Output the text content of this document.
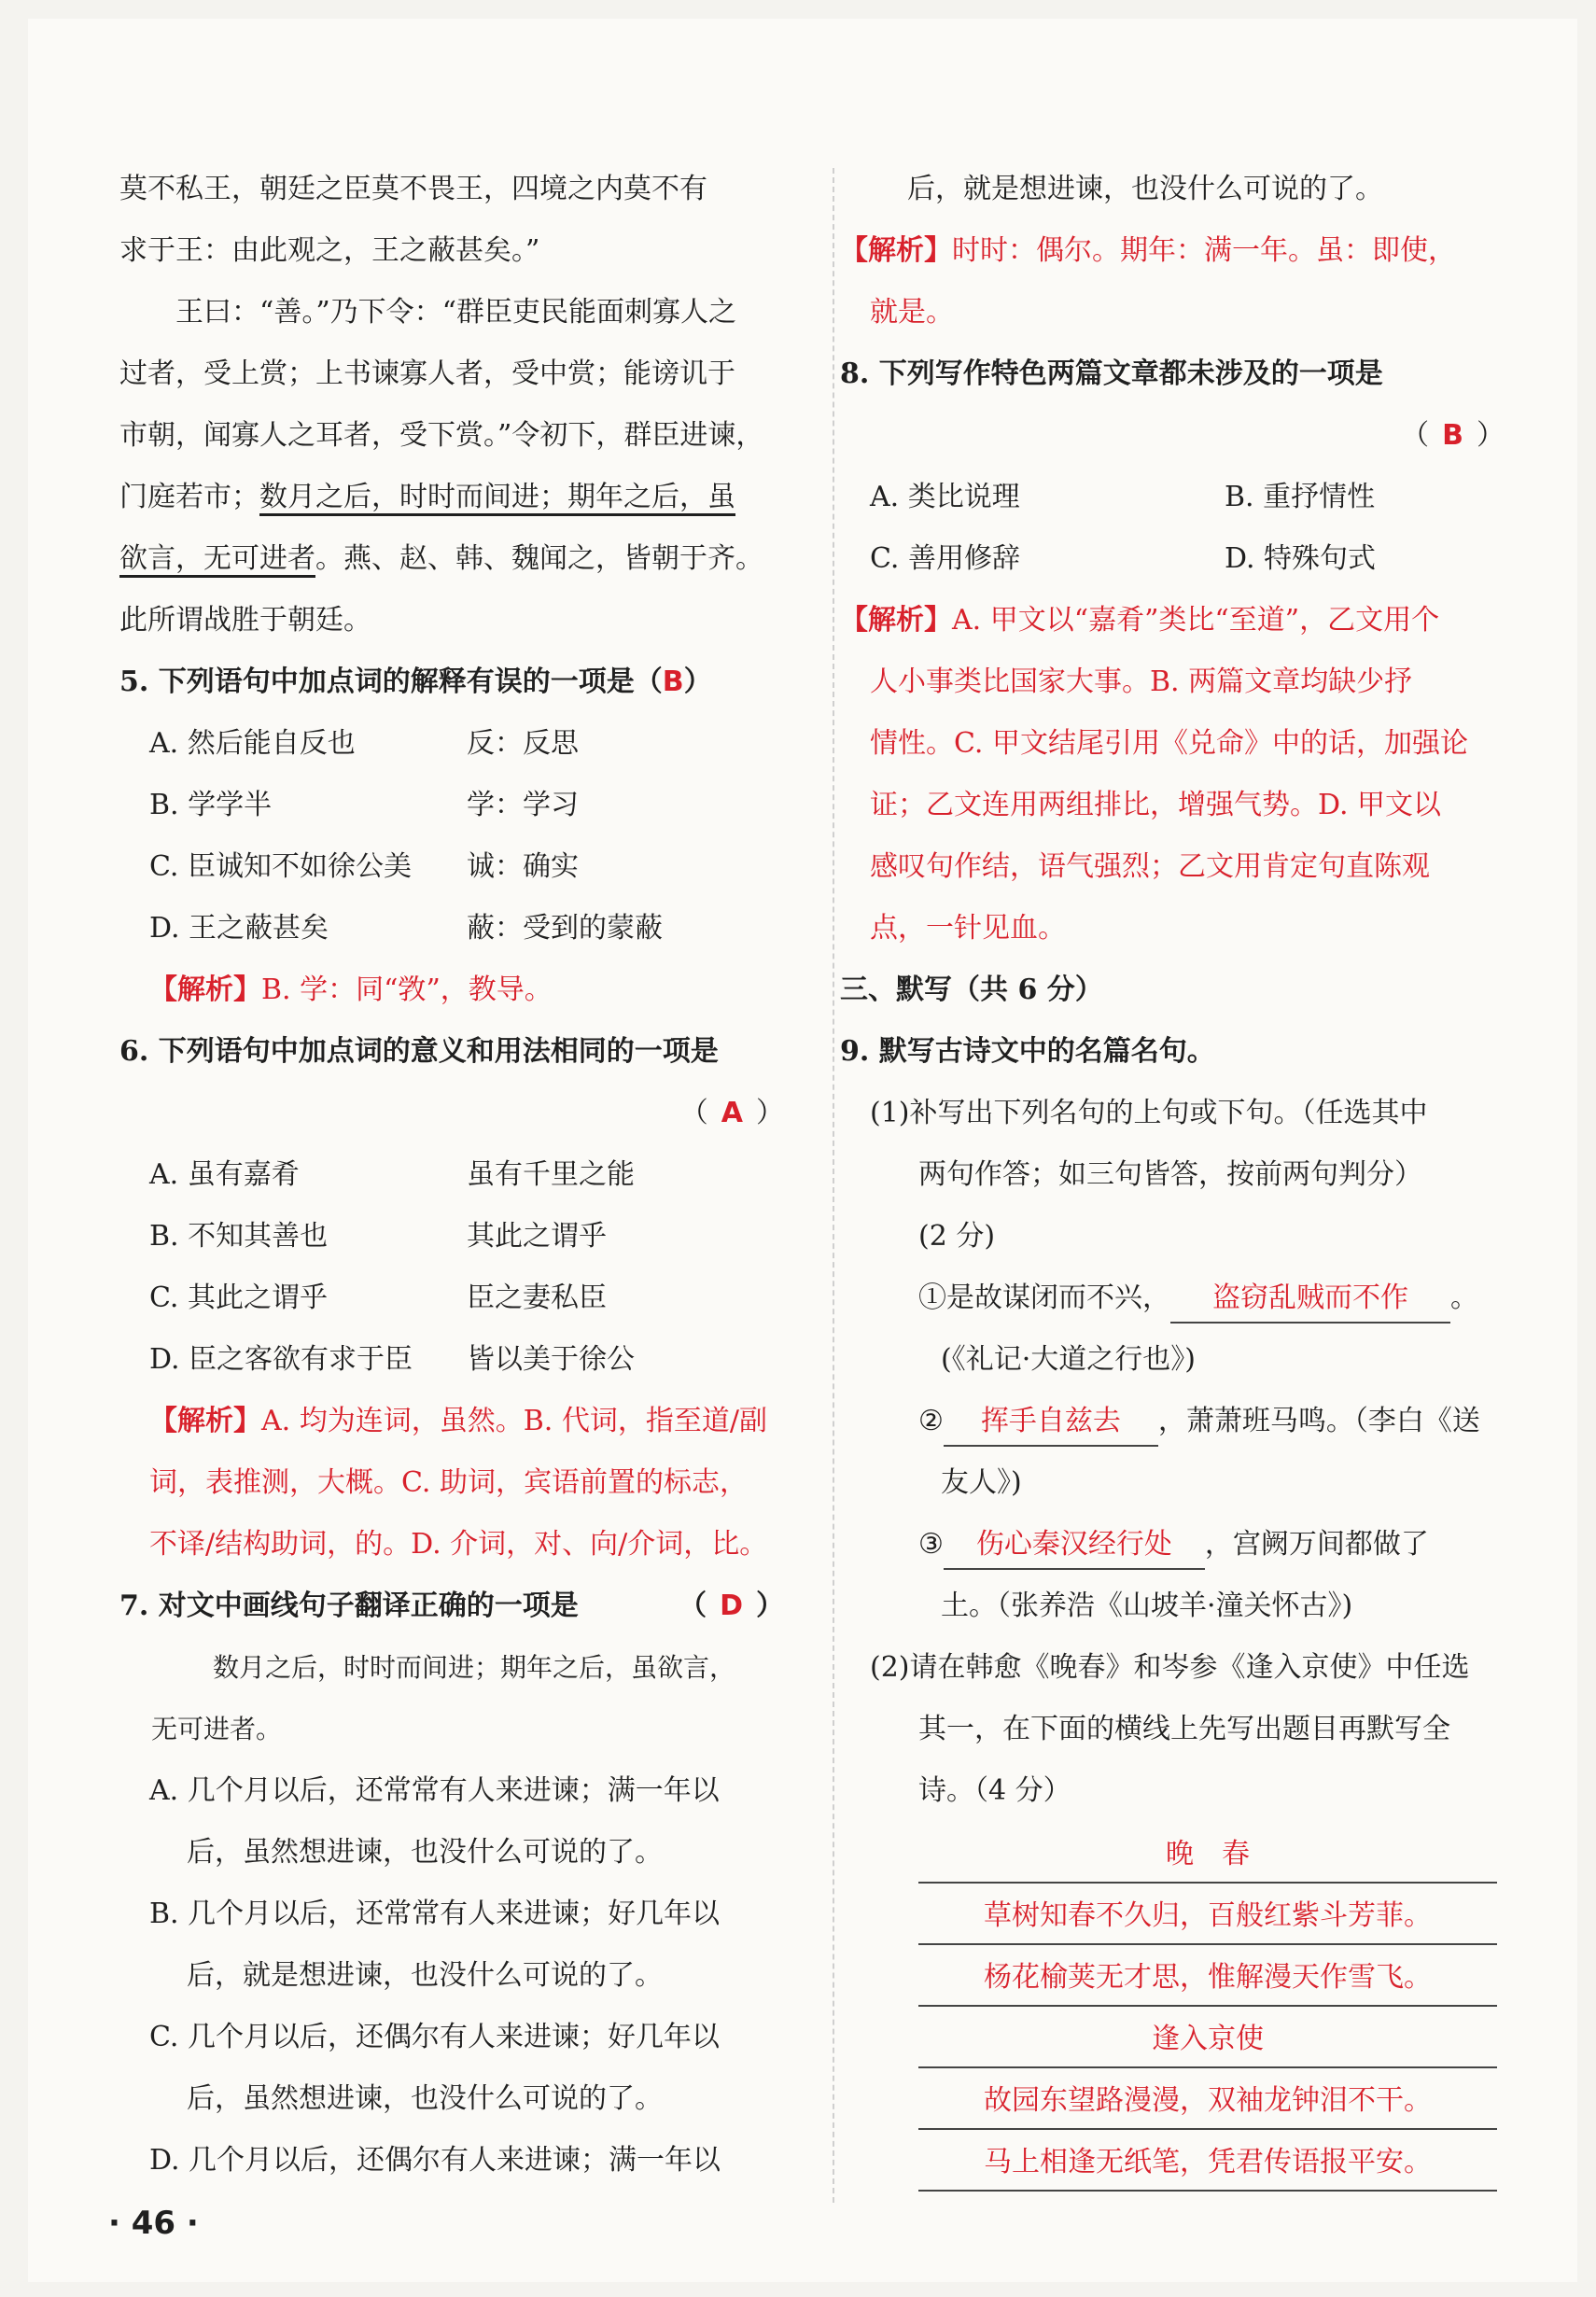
莫不私王，朝廷之臣莫不畏王，四境之内莫不有
求于王：由此观之，王之蔽甚矣。”
王曰：“善。”乃下令：“群臣吏民能面刺寡人之
过者，受上赏；上书谏寡人者，受中赏；能谤讥于
市朝，闻寡人之耳者，受下赏。”令初下，群臣进谏，
门庭若市；数月之后，时时而间进；期年之后，虽
欲言，无可进者。燕、赵、韩、魏闻之，皆朝于齐。
此所谓战胜于朝廷。
5. 下列语句中加点词的解释有误的一项是（B）
A. 然后能自反也	反：反思
B. 学学半	学：学习
C. 臣诚知不如徐公美	诚：确实
D. 王之蔽甚矣	蔽：受到的蒙蔽
【解析】B. 学：同“敩”，教导。
6. 下列语句中加点词的意义和用法相同的一项是
（ A ）
A. 虽有嘉肴	虽有千里之能
B. 不知其善也	其此之谓乎
C. 其此之谓乎	臣之妻私臣
D. 臣之客欲有求于臣	皆以美于徐公
【解析】A. 均为连词，虽然。B. 代词，指至道/副
词，表推测，大概。C. 助词，宾语前置的标志，
不译/结构助词，的。D. 介词，对、向/介词，比。
7. 对文中画线句子翻译正确的一项是	（ D ）
数月之后，时时而间进；期年之后，虽欲言，
无可进者。
A. 几个月以后，还常常有人来进谏；满一年以
后，虽然想进谏，也没什么可说的了。
B. 几个月以后，还常常有人来进谏；好几年以
后，就是想进谏，也没什么可说的了。
C. 几个月以后，还偶尔有人来进谏；好几年以
后，虽然想进谏，也没什么可说的了。
D. 几个月以后，还偶尔有人来进谏；满一年以
后，就是想进谏，也没什么可说的了。
【解析】时时：偶尔。期年：满一年。虽：即使，
就是。
8. 下列写作特色两篇文章都未涉及的一项是
（ B ）
A. 类比说理	B. 重抒情性
C. 善用修辞	D. 特殊句式
【解析】A. 甲文以“嘉肴”类比“至道”，乙文用个
人小事类比国家大事。B. 两篇文章均缺少抒
情性。C. 甲文结尾引用《兑命》中的话，加强论
证；乙文连用两组排比，增强气势。D. 甲文以
感叹句作结，语气强烈；乙文用肯定句直陈观
点，一针见血。
三、默写（共 6 分）
9. 默写古诗文中的名篇名句。
(1)补写出下列名句的上句或下句。（任选其中
两句作答；如三句皆答，按前两句判分）
(2 分)
①是故谋闭而不兴， 盗窃乱贼而不作 。
(《礼记·大道之行也》)
② 挥手自兹去 ，萧萧班马鸣。（李白《送
友人》)
③ 伤心秦汉经行处 ，宫阙万间都做了
土。（张养浩《山坡羊·潼关怀古》)
(2)请在韩愈《晚春》和岑参《逢入京使》中任选
其一，在下面的横线上先写出题目再默写全
诗。（4 分）
晚　春
草树知春不久归，百般红紫斗芳菲。
杨花榆荚无才思，惟解漫天作雪飞。
逢入京使
故园东望路漫漫，双袖龙钟泪不干。
马上相逢无纸笔，凭君传语报平安。
· 46 ·
